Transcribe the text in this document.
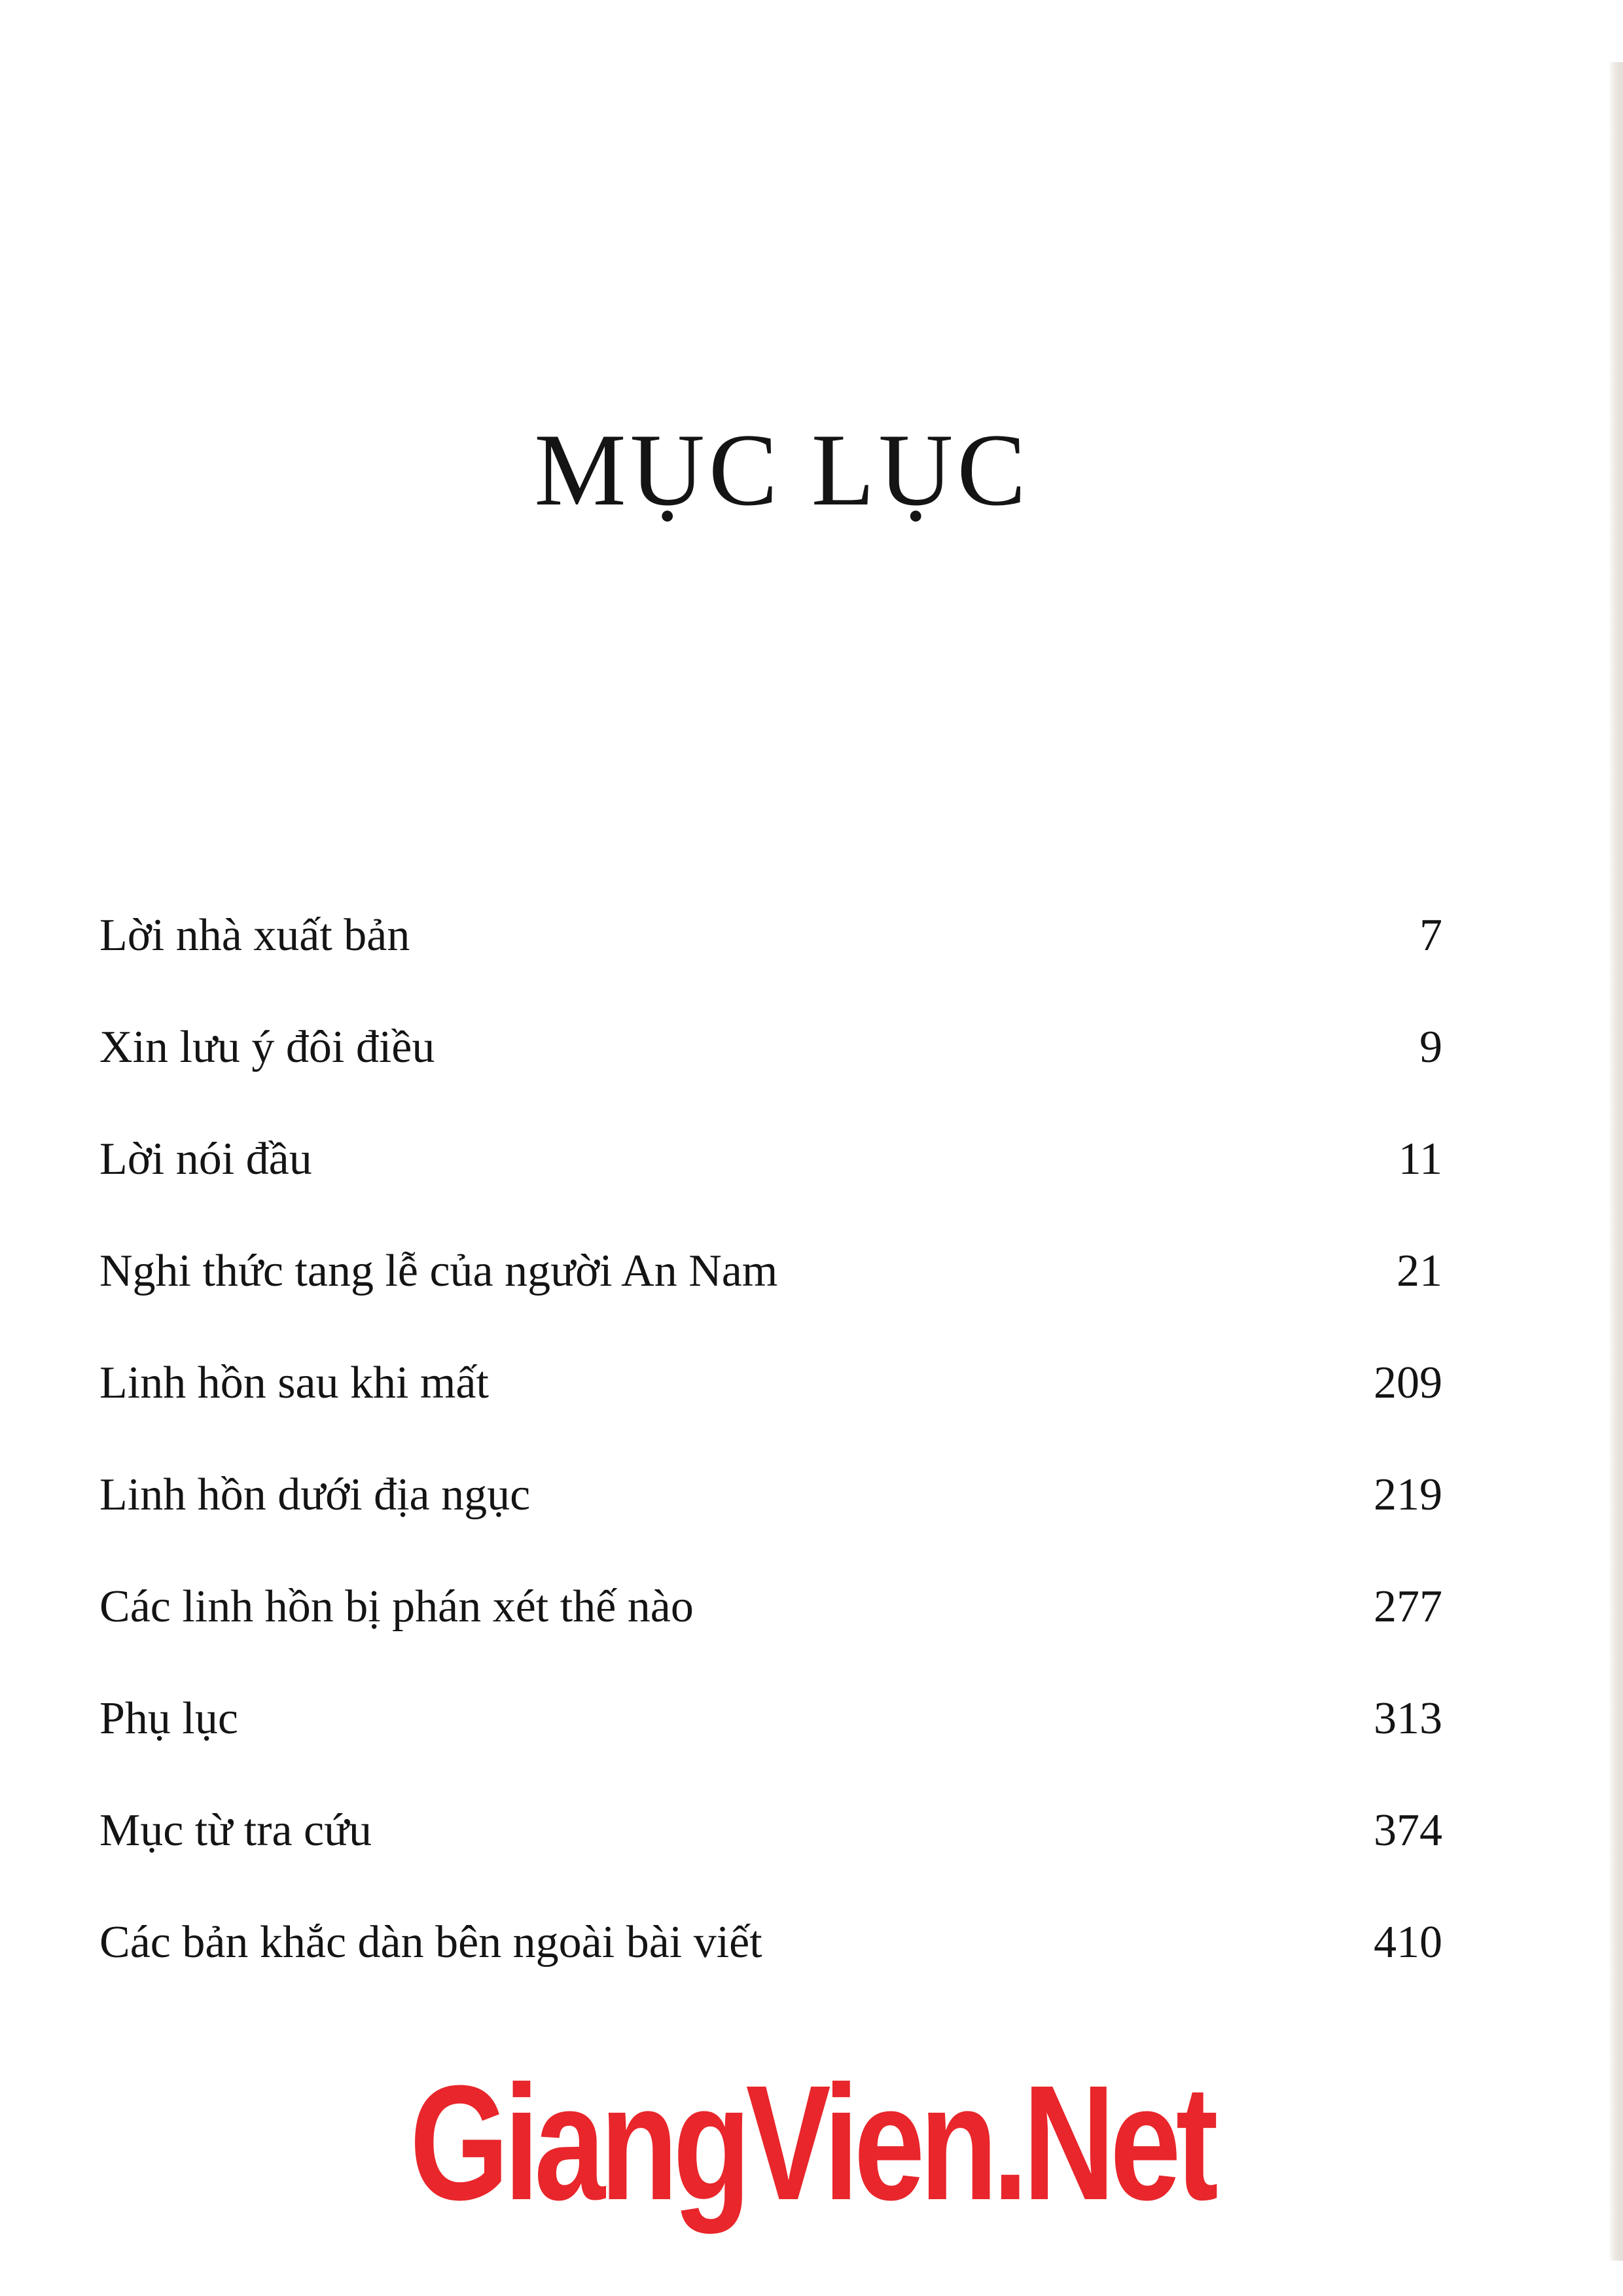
MỤC LỤC
Lời nhà xuất bản	7
Xin lưu ý đôi điều	9
Lời nói đầu	11
Nghi thức tang lễ của người An Nam	21
Linh hồn sau khi mất	209
Linh hồn dưới địa ngục	219
Các linh hồn bị phán xét thế nào	277
Phụ lục	313
Mục từ tra cứu	374
Các bản khắc dàn bên ngoài bài viết	410
GiangVien.Net
